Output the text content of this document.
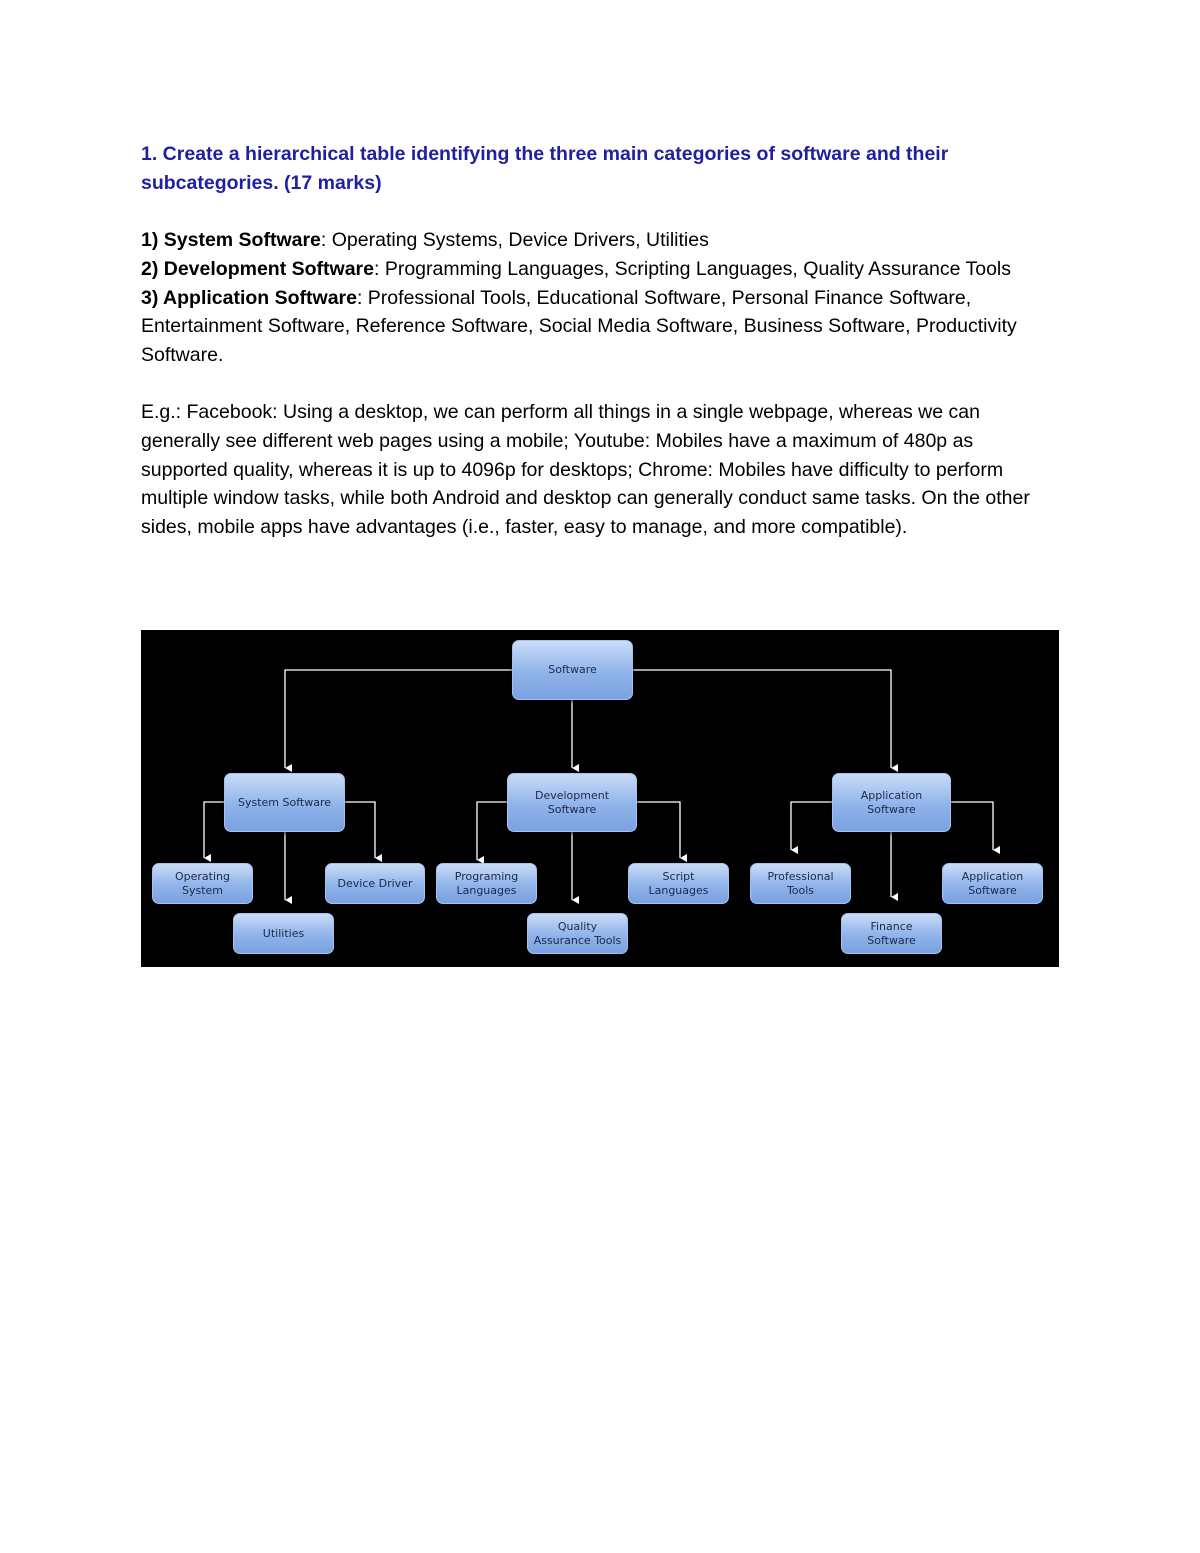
1. Create a hierarchical table identifying the three main categories of software and their subcategories. (17 marks)

1) System Software: Operating Systems, Device Drivers, Utilities

2) Development Software: Programming Languages, Scripting Languages, Quality Assurance Tools

3) Application Software: Professional Tools, Educational Software, Personal Finance Software, Entertainment Software, Reference Software, Social Media Software, Business Software, Productivity Software.

E.g.: Facebook: Using a desktop, we can perform all things in a single webpage, whereas we can generally see different web pages using a mobile; Youtube: Mobiles have a maximum of 480p as supported quality, whereas it is up to 4096p for desktops; Chrome: Mobiles have difficulty to perform multiple window tasks, while both Android and desktop can generally conduct same tasks. On the other sides, mobile apps have advantages (i.e., faster, easy to manage, and more compatible).

Software
System Software
Development Software
Application Software
Operating System
Utilities
Device Driver
Programing Languages
Quality Assurance Tools
Script Languages
Professional Tools
Finance Software
Application Software
